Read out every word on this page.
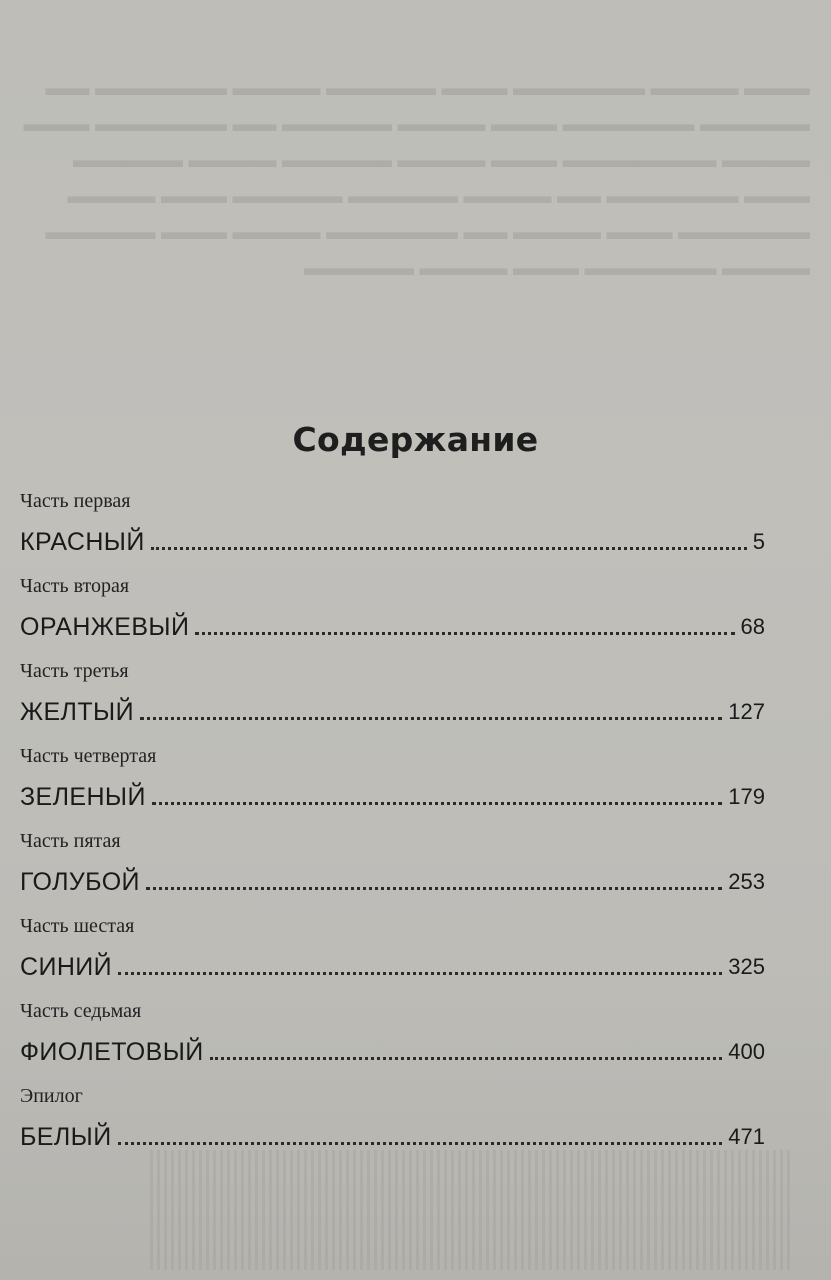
▬▬▬ ▬▬▬▬ ▬▬▬▬▬▬ ▬▬▬ ▬▬▬▬▬ ▬▬▬▬ ▬▬▬▬▬▬ ▬▬ ▬▬▬▬▬ ▬▬▬▬▬▬ ▬▬▬ ▬▬▬▬ ▬▬▬▬▬ ▬▬ ▬▬▬▬▬▬ ▬▬▬ ▬▬▬▬ ▬▬▬▬▬▬▬ ▬▬▬ ▬▬▬▬ ▬▬▬▬▬ ▬▬▬▬ ▬▬▬▬▬ ▬▬▬ ▬▬▬▬▬▬ ▬▬ ▬▬▬▬ ▬▬▬▬▬ ▬▬▬▬▬ ▬▬▬ ▬▬▬▬ ▬▬▬▬▬▬ ▬▬▬ ▬▬▬▬ ▬▬ ▬▬▬▬▬▬ ▬▬▬▬ ▬▬▬ ▬▬▬▬▬ ▬▬▬▬ ▬▬▬▬▬▬ ▬▬▬ ▬▬▬▬ ▬▬▬▬▬
Содержание
Часть первая
КРАСНЫЙ	5
Часть вторая
ОРАНЖЕВЫЙ	68
Часть третья
ЖЕЛТЫЙ	127
Часть четвертая
ЗЕЛЕНЫЙ	179
Часть пятая
ГОЛУБОЙ	253
Часть шестая
СИНИЙ	325
Часть седьмая
ФИОЛЕТОВЫЙ	400
Эпилог
БЕЛЫЙ	471
